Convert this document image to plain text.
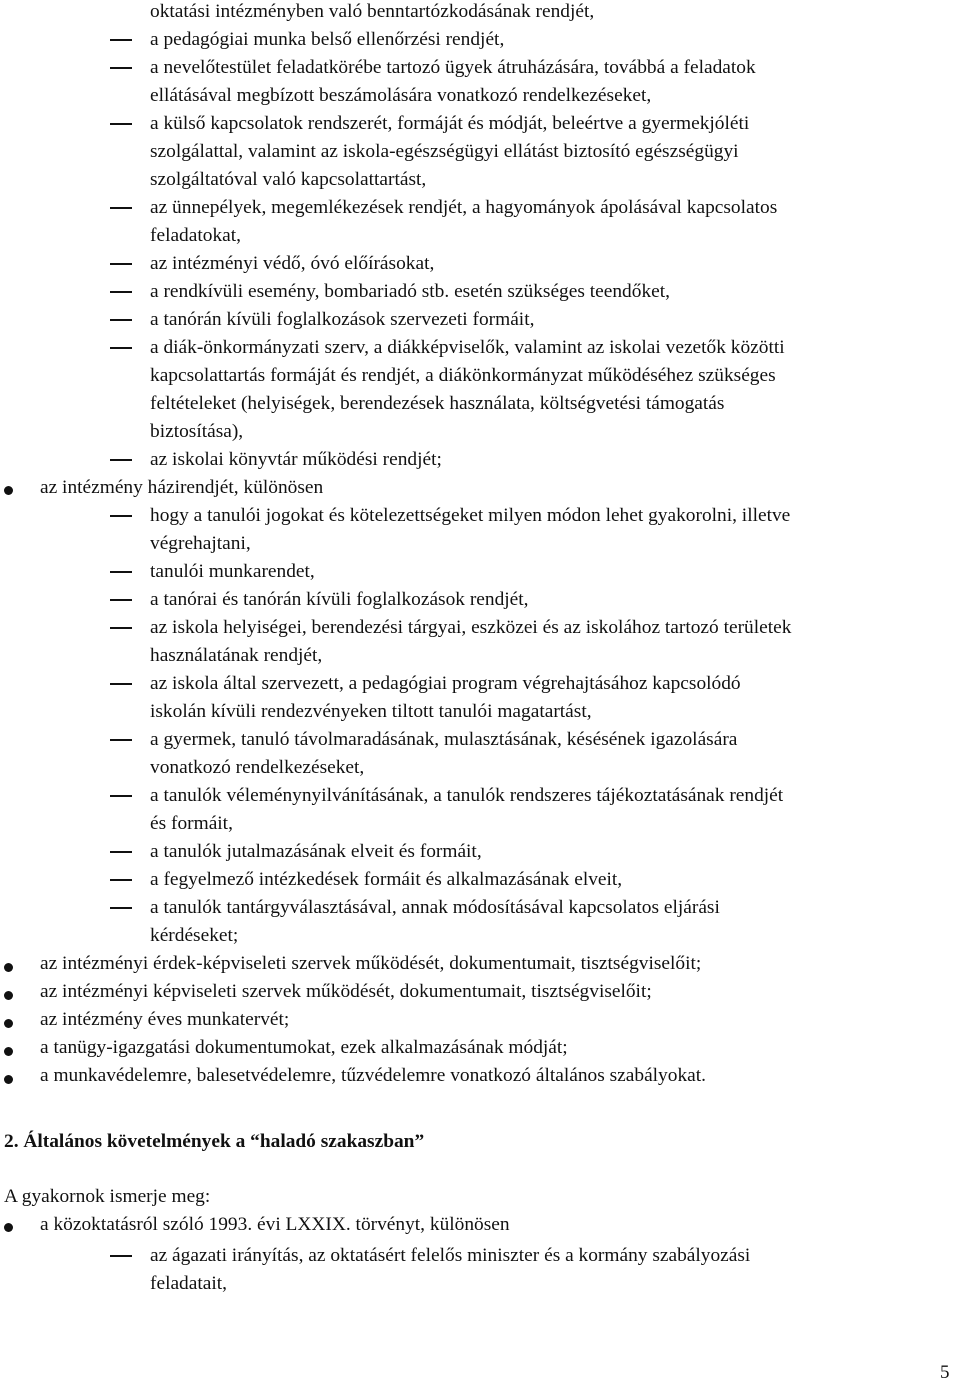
oktatási intézményben való benntartózkodásának rendjét,
a pedagógiai munka belső ellenőrzési rendjét,
a nevelőtestület feladatkörébe tartozó ügyek átruházására, továbbá a feladatok
ellátásával megbízott beszámolására vonatkozó rendelkezéseket,
a külső kapcsolatok rendszerét, formáját és módját, beleértve a gyermekjóléti
szolgálattal, valamint az iskola-egészségügyi ellátást biztosító egészségügyi
szolgáltatóval való kapcsolattartást,
az ünnepélyek, megemlékezések rendjét, a hagyományok ápolásával kapcsolatos
feladatokat,
az intézményi védő, óvó előírásokat,
a rendkívüli esemény, bombariadó stb. esetén szükséges teendőket,
a tanórán kívüli foglalkozások szervezeti formáit,
a diák-önkormányzati szerv, a diákképviselők, valamint az iskolai vezetők közötti
kapcsolattartás formáját és rendjét, a diákönkormányzat működéséhez szükséges
feltételeket (helyiségek, berendezések használata, költségvetési támogatás
biztosítása),
az iskolai könyvtár működési rendjét;
az intézmény házirendjét, különösen
hogy a tanulói jogokat és kötelezettségeket milyen módon lehet gyakorolni, illetve
végrehajtani,
tanulói munkarendet,
a tanórai és tanórán kívüli foglalkozások rendjét,
az iskola helyiségei, berendezési tárgyai, eszközei és az iskolához tartozó területek
használatának rendjét,
az iskola által szervezett, a pedagógiai program végrehajtásához kapcsolódó
iskolán kívüli rendezvényeken tiltott tanulói magatartást,
a gyermek, tanuló távolmaradásának, mulasztásának, késésének igazolására
vonatkozó rendelkezéseket,
a tanulók véleménynyilvánításának, a tanulók rendszeres tájékoztatásának rendjét
és formáit,
a tanulók jutalmazásának elveit és formáit,
a fegyelmező intézkedések formáit és alkalmazásának elveit,
a tanulók tantárgyválasztásával, annak módosításával kapcsolatos eljárási
kérdéseket;
az intézményi érdek-képviseleti szervek működését, dokumentumait, tisztségviselőit;
az intézményi képviseleti szervek működését, dokumentumait, tisztségviselőit;
az intézmény éves munkatervét;
a tanügy-igazgatási dokumentumokat, ezek alkalmazásának módját;
a munkavédelemre, balesetvédelemre, tűzvédelemre vonatkozó általános szabályokat.
2. Általános követelmények a “haladó szakaszban”
A gyakornok ismerje meg:
a közoktatásról szóló 1993. évi LXXIX. törvényt, különösen
az ágazati irányítás, az oktatásért felelős miniszter és a kormány szabályozási
feladatait,
5
